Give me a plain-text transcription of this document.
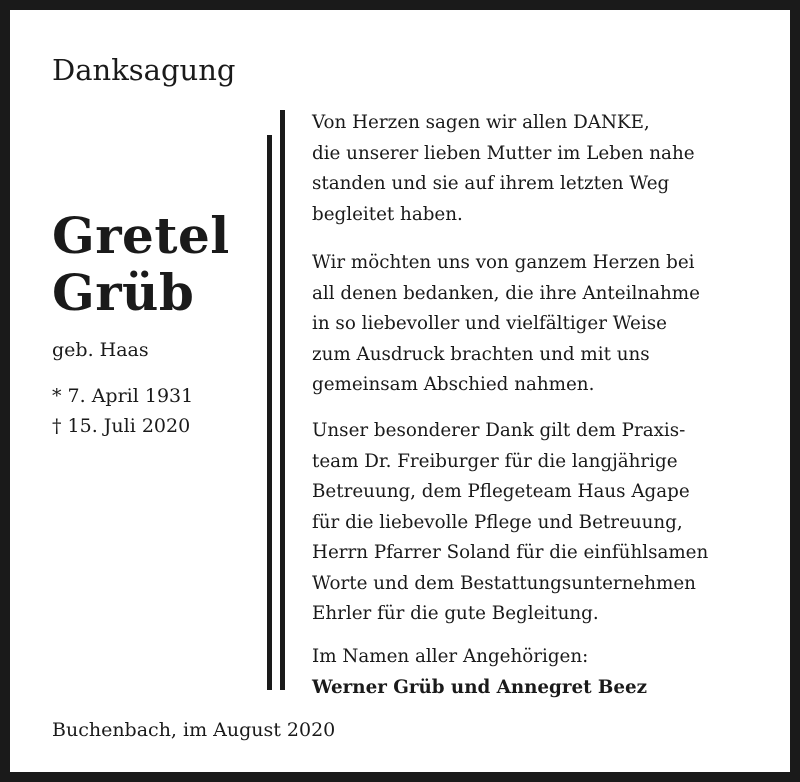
Danksagung
Gretel
Grüb
geb. Haas
* 7. April 1931
† 15. Juli 2020
Von Herzen sagen wir allen DANKE,
die unserer lieben Mutter im Leben nahe
standen und sie auf ihrem letzten Weg
begleitet haben.
Wir möchten uns von ganzem Herzen bei
all denen bedanken, die ihre Anteilnahme
in so liebevoller und vielfältiger Weise
zum Ausdruck brachten und mit uns
gemeinsam Abschied nahmen.
Unser besonderer Dank gilt dem Praxis-
team Dr. Freiburger für die langjährige
Betreuung, dem Pflegeteam Haus Agape
für die liebevolle Pflege und Betreuung,
Herrn Pfarrer Soland für die einfühlsamen
Worte und dem Bestattungsunternehmen
Ehrler für die gute Begleitung.
Im Namen aller Angehörigen:
Werner Grüb und Annegret Beez
Buchenbach, im August 2020
